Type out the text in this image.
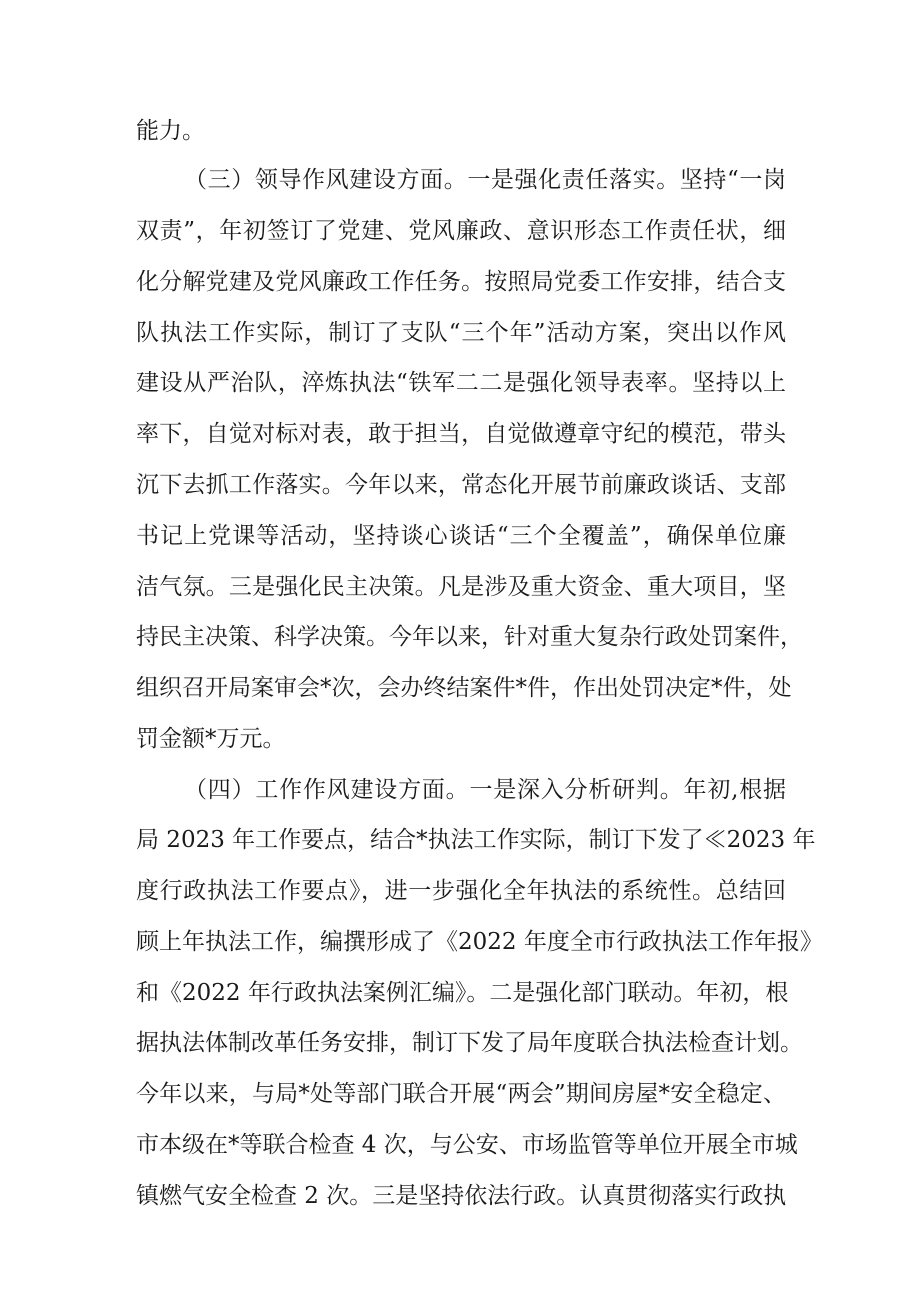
能力。
（三）领导作风建设方面。一是强化责任落实。坚持“一岗
双责”，年初签订了党建、党风廉政、意识形态工作责任状，细
化分解党建及党风廉政工作任务。按照局党委工作安排，结合支
队执法工作实际，制订了支队“三个年”活动方案，突出以作风
建设从严治队，淬炼执法“铁军二二是强化领导表率。坚持以上
率下，自觉对标对表，敢于担当，自觉做遵章守纪的模范，带头
沉下去抓工作落实。今年以来，常态化开展节前廉政谈话、支部
书记上党课等活动，坚持谈心谈话“三个全覆盖”，确保单位廉
洁气氛。三是强化民主决策。凡是涉及重大资金、重大项目，坚
持民主决策、科学决策。今年以来，针对重大复杂行政处罚案件，
组织召开局案审会*次，会办终结案件*件，作出处罚决定*件，处
罚金额*万元。
（四）工作作风建设方面。一是深入分析研判。年初,根据
局 2023 年工作要点，结合*执法工作实际，制订下发了≪2023 年
度行政执法工作要点》，进一步强化全年执法的系统性。总结回
顾上年执法工作，编撰形成了《2022 年度全市行政执法工作年报》
和《2022 年行政执法案例汇编》。二是强化部门联动。年初，根
据执法体制改革任务安排，制订下发了局年度联合执法检查计划。
今年以来，与局*处等部门联合开展“两会”期间房屋*安全稳定、
市本级在*等联合检查 4 次，与公安、市场监管等单位开展全市城
镇燃气安全检查 2 次。三是坚持依法行政。认真贯彻落实行政执
